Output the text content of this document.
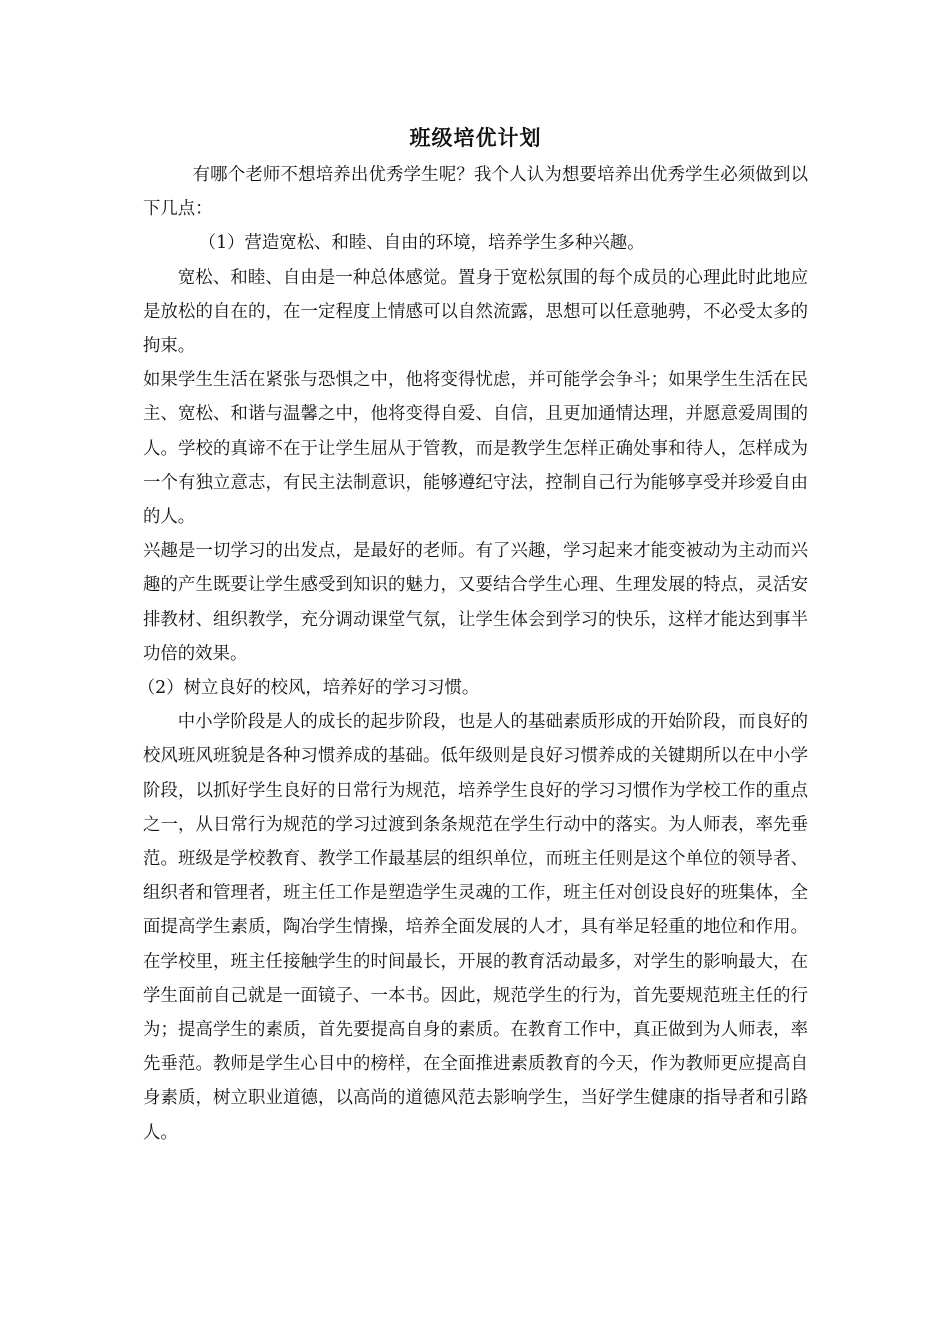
班级培优计划

有哪个老师不想培养出优秀学生呢？我个人认为想要培养出优秀学生必须做到以下几点：

（1）营造宽松、和睦、自由的环境，培养学生多种兴趣。

宽松、和睦、自由是一种总体感觉。置身于宽松氛围的每个成员的心理此时此地应是放松的自在的，在一定程度上情感可以自然流露，思想可以任意驰骋，不必受太多的拘束。

如果学生生活在紧张与恐惧之中，他将变得忧虑，并可能学会争斗；如果学生生活在民主、宽松、和谐与温馨之中，他将变得自爱、自信，且更加通情达理，并愿意爱周围的人。学校的真谛不在于让学生屈从于管教，而是教学生怎样正确处事和待人，怎样成为一个有独立意志，有民主法制意识，能够遵纪守法，控制自己行为能够享受并珍爱自由的人。

兴趣是一切学习的出发点，是最好的老师。有了兴趣，学习起来才能变被动为主动而兴趣的产生既要让学生感受到知识的魅力，又要结合学生心理、生理发展的特点，灵活安排教材、组织教学，充分调动课堂气氛，让学生体会到学习的快乐，这样才能达到事半功倍的效果。

（2）树立良好的校风，培养好的学习习惯。

中小学阶段是人的成长的起步阶段，也是人的基础素质形成的开始阶段，而良好的校风班风班貌是各种习惯养成的基础。低年级则是良好习惯养成的关键期所以在中小学阶段，以抓好学生良好的日常行为规范，培养学生良好的学习习惯作为学校工作的重点之一，从日常行为规范的学习过渡到条条规范在学生行动中的落实。为人师表，率先垂范。班级是学校教育、教学工作最基层的组织单位，而班主任则是这个单位的领导者、组织者和管理者，班主任工作是塑造学生灵魂的工作，班主任对创设良好的班集体，全面提高学生素质，陶冶学生情操，培养全面发展的人才，具有举足轻重的地位和作用。在学校里，班主任接触学生的时间最长，开展的教育活动最多，对学生的影响最大，在学生面前自己就是一面镜子、一本书。因此，规范学生的行为，首先要规范班主任的行为；提高学生的素质，首先要提高自身的素质。在教育工作中，真正做到为人师表，率先垂范。教师是学生心目中的榜样，在全面推进素质教育的今天，作为教师更应提高自身素质，树立职业道德，以高尚的道德风范去影响学生，当好学生健康的指导者和引路人。
